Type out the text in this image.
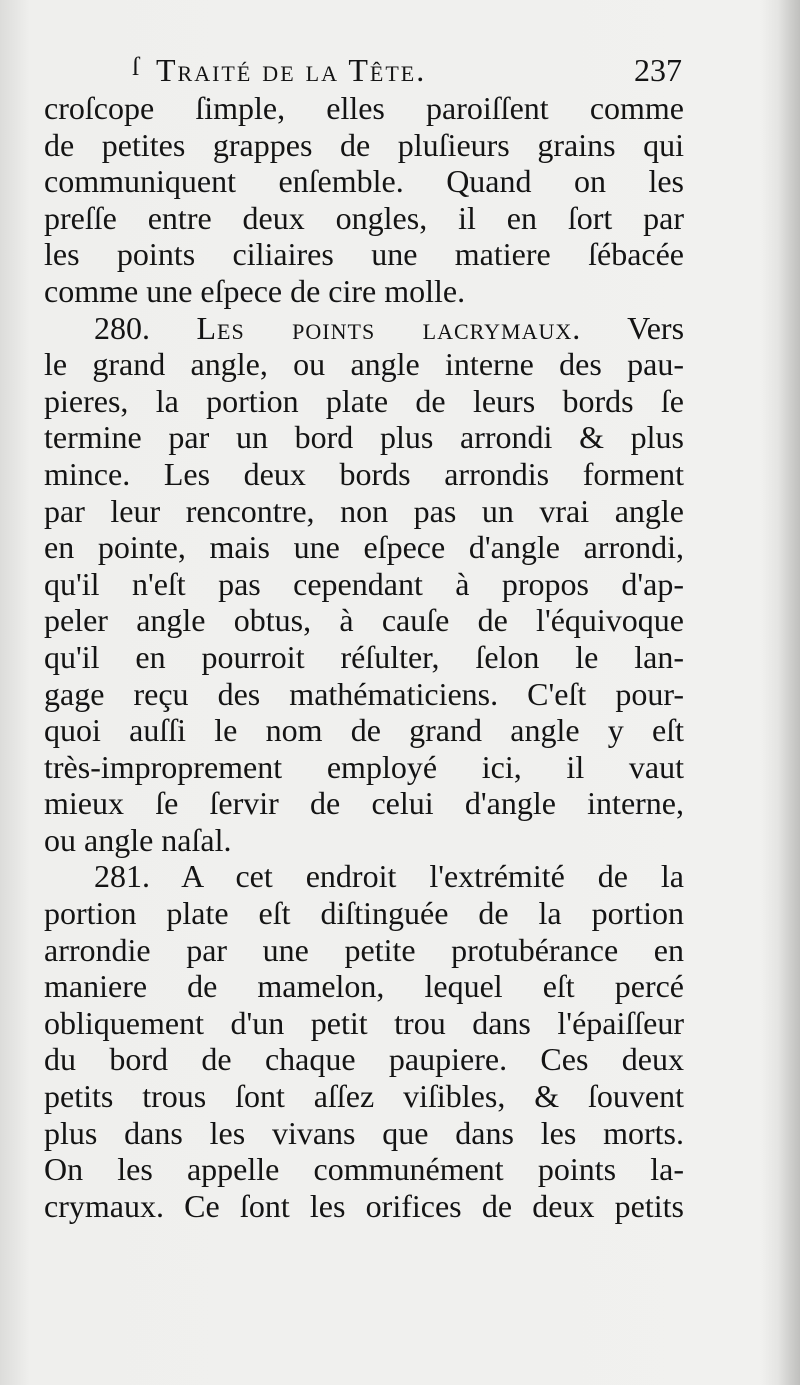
ſ Traité de la Tête.	237
croſcope ſimple, elles paroiſſent comme
de petites grappes de pluſieurs grains qui
communiquent enſemble. Quand on les
preſſe entre deux ongles, il en ſort par
les points ciliaires une matiere ſébacée
comme une eſpece de cire molle.
280. Les points lacrymaux. Vers
le grand angle, ou angle interne des pau-
pieres, la portion plate de leurs bords ſe
termine par un bord plus arrondi & plus
mince. Les deux bords arrondis forment
par leur rencontre, non pas un vrai angle
en pointe, mais une eſpece d'angle arrondi,
qu'il n'eſt pas cependant à propos d'ap-
peler angle obtus, à cauſe de l'équivoque
qu'il en pourroit réſulter, ſelon le lan-
gage reçu des mathématiciens. C'eſt pour-
quoi auſſi le nom de grand angle y eſt
très-improprement employé ici, il vaut
mieux ſe ſervir de celui d'angle interne,
ou angle naſal.
281. A cet endroit l'extrémité de la
portion plate eſt diſtinguée de la portion
arrondie par une petite protubérance en
maniere de mamelon, lequel eſt percé
obliquement d'un petit trou dans l'épaiſſeur
du bord de chaque paupiere. Ces deux
petits trous ſont aſſez viſibles, & ſouvent
plus dans les vivans que dans les morts.
On les appelle communément points la-
crymaux. Ce ſont les orifices de deux petits
